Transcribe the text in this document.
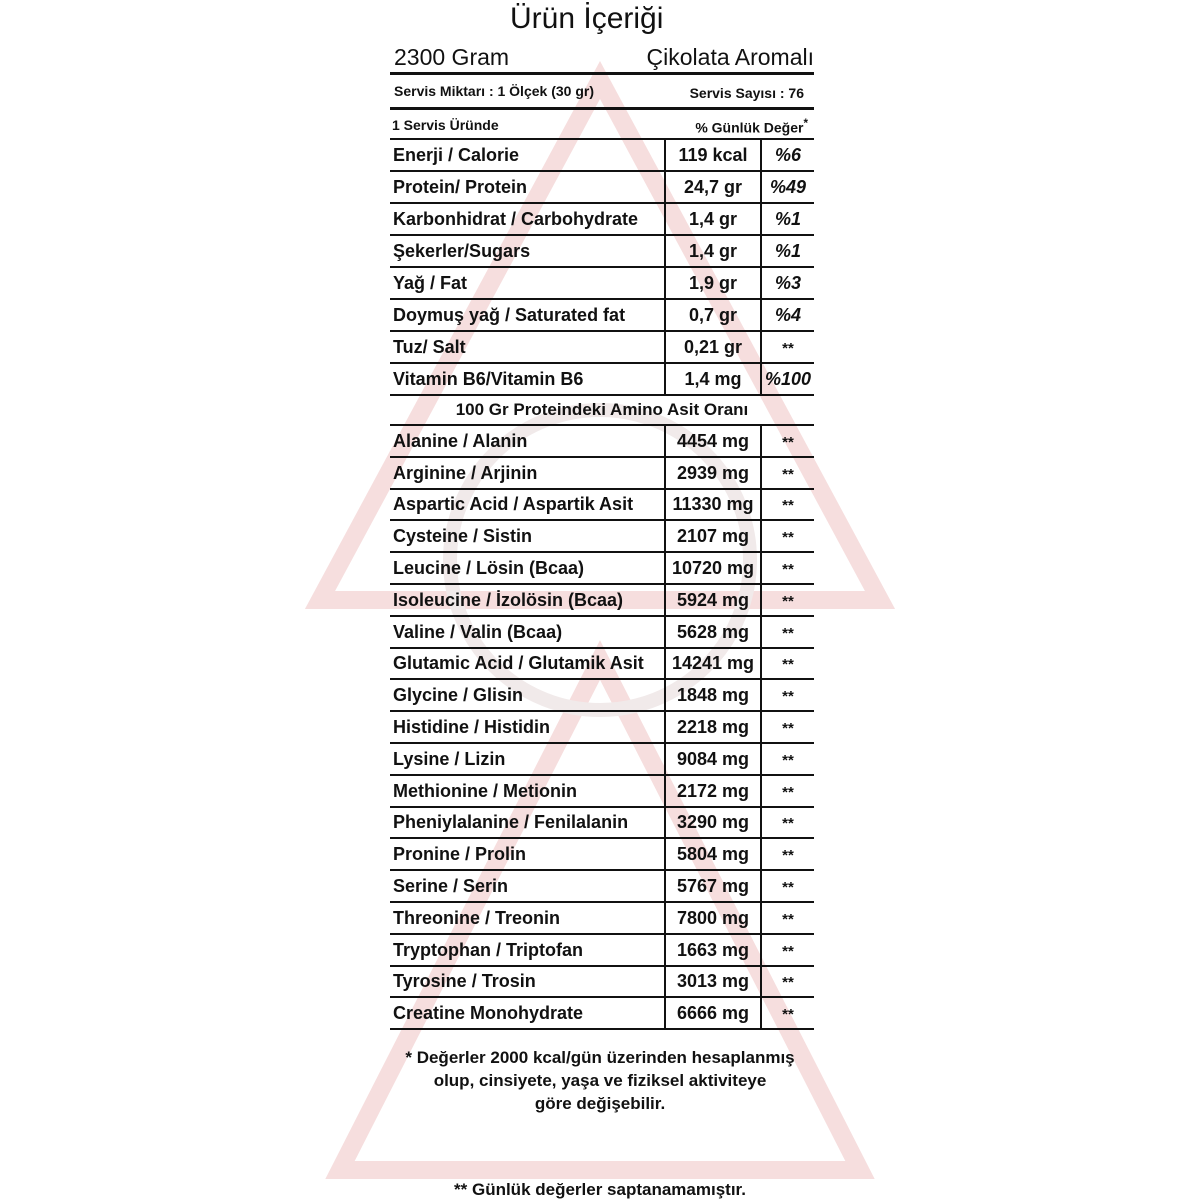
Ürün İçeriği
2300 Gram	Çikolata Aromalı
Servis Miktarı : 1 Ölçek (30 gr)	Servis Sayısı : 76
1 Servis Üründe	% Günlük Değer*
Enerji / Calorie	119 kcal	%6
Protein/ Protein	24,7 gr	%49
Karbonhidrat / Carbohydrate	1,4 gr	%1
Şekerler/Sugars	1,4 gr	%1
Yağ / Fat	1,9 gr	%3
Doymuş yağ / Saturated fat	0,7 gr	%4
Tuz/ Salt	0,21 gr	**
Vitamin B6/Vitamin B6	1,4 mg	%100
100 Gr Proteindeki Amino Asit Oranı
Alanine / Alanin	4454 mg	**
Arginine / Arjinin	2939 mg	**
Aspartic Acid / Aspartik Asit	11330 mg	**
Cysteine / Sistin	2107 mg	**
Leucine / Lösin (Bcaa)	10720 mg	**
Isoleucine / İzolösin (Bcaa)	5924 mg	**
Valine / Valin (Bcaa)	5628 mg	**
Glutamic Acid / Glutamik Asit	14241 mg	**
Glycine / Glisin	1848 mg	**
Histidine / Histidin	2218 mg	**
Lysine / Lizin	9084 mg	**
Methionine / Metionin	2172 mg	**
Pheniylalanine / Fenilalanin	3290 mg	**
Pronine / Prolin	5804 mg	**
Serine / Serin	5767 mg	**
Threonine / Treonin	7800 mg	**
Tryptophan / Triptofan	1663 mg	**
Tyrosine / Trosin	3013 mg	**
Creatine Monohydrate	6666 mg	**
* Değerler 2000 kcal/gün üzerinden hesaplanmış
olup, cinsiyete, yaşa ve fiziksel aktiviteye
göre değişebilir.
** Günlük değerler saptanamamıştır.
